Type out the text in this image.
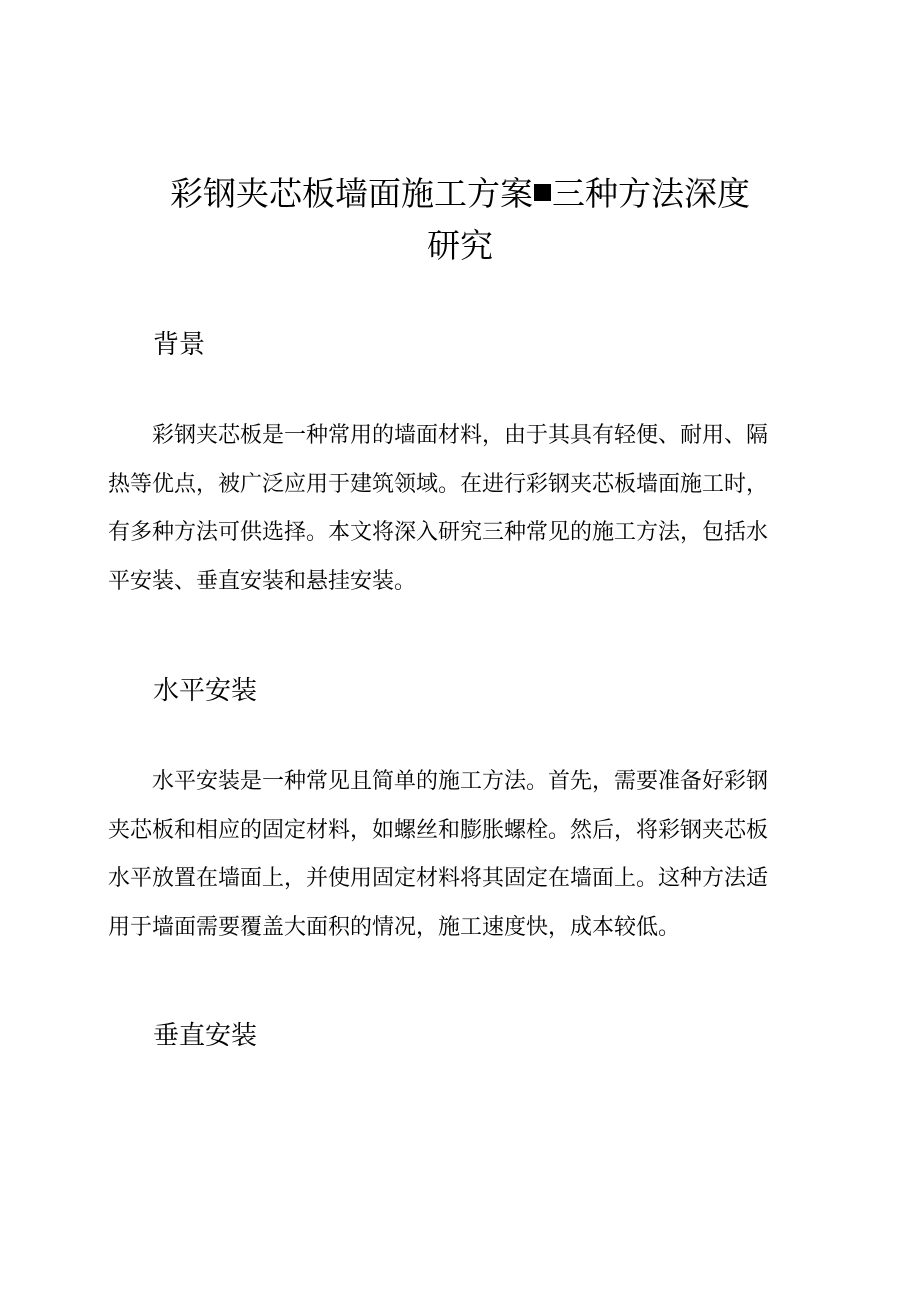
彩钢夹芯板墙面施工方案 三种方法深度
研究
背景
彩钢夹芯板是一种常用的墙面材料，由于其具有轻便、耐用、隔
热等优点，被广泛应用于建筑领域。在进行彩钢夹芯板墙面施工时，
有多种方法可供选择。本文将深入研究三种常见的施工方法，包括水
平安装、垂直安装和悬挂安装。
水平安装
水平安装是一种常见且简单的施工方法。首先，需要准备好彩钢
夹芯板和相应的固定材料，如螺丝和膨胀螺栓。然后，将彩钢夹芯板
水平放置在墙面上，并使用固定材料将其固定在墙面上。这种方法适
用于墙面需要覆盖大面积的情况，施工速度快，成本较低。
垂直安装
